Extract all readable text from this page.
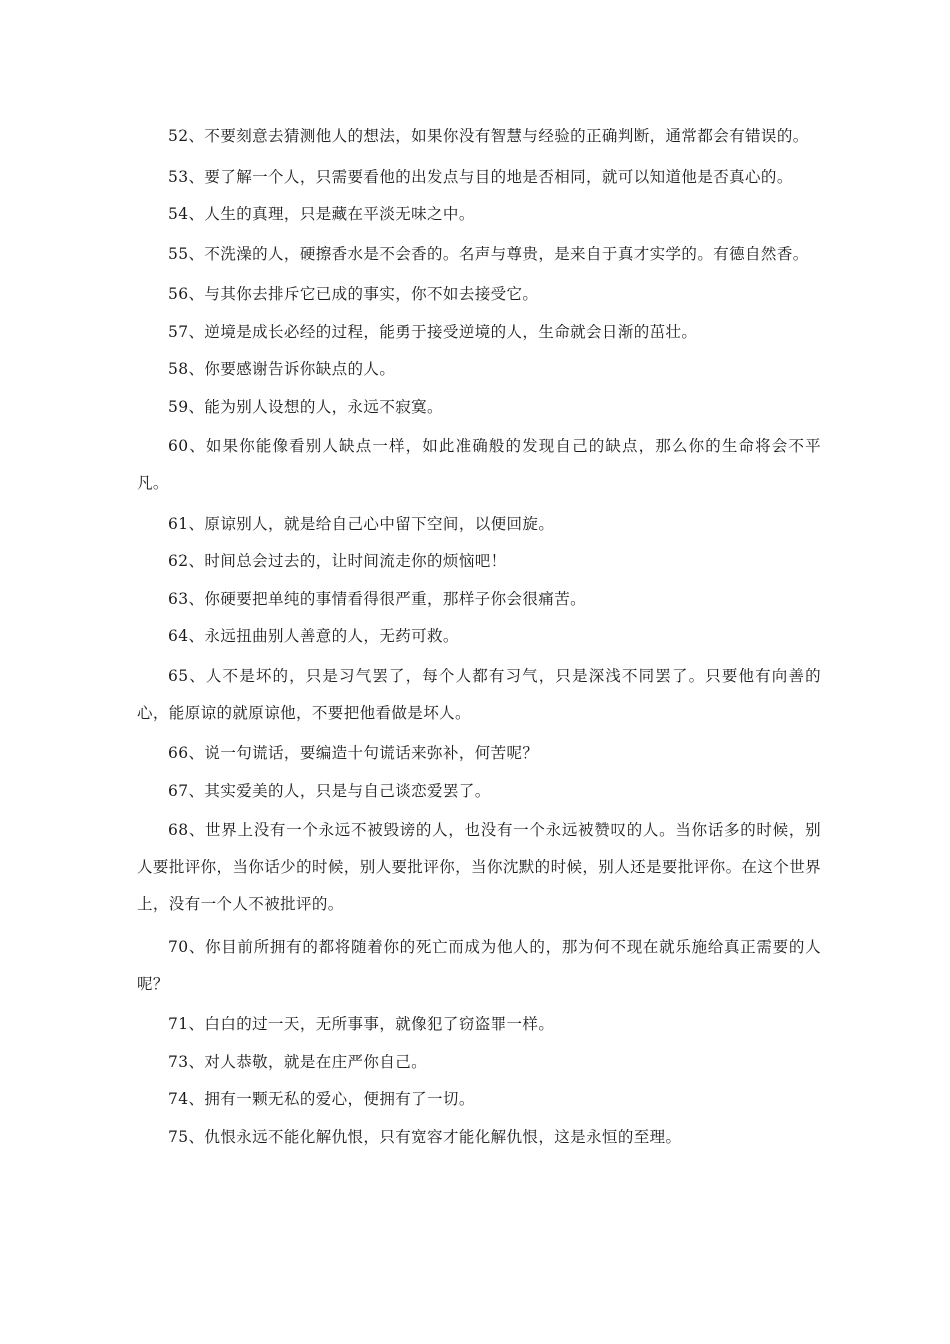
52、不要刻意去猜测他人的想法，如果你没有智慧与经验的正确判断，通常都会有错误的。

53、要了解一个人，只需要看他的出发点与目的地是否相同，就可以知道他是否真心的。

54、人生的真理，只是藏在平淡无味之中。

55、不洗澡的人，硬擦香水是不会香的。名声与尊贵，是来自于真才实学的。有德自然香。

56、与其你去排斥它已成的事实，你不如去接受它。

57、逆境是成长必经的过程，能勇于接受逆境的人，生命就会日渐的茁壮。

58、你要感谢告诉你缺点的人。

59、能为别人设想的人，永远不寂寞。

60、如果你能像看别人缺点一样，如此准确般的发现自己的缺点，那么你的生命将会不平凡。

61、原谅别人，就是给自己心中留下空间，以便回旋。

62、时间总会过去的，让时间流走你的烦恼吧！

63、你硬要把单纯的事情看得很严重，那样子你会很痛苦。

64、永远扭曲别人善意的人，无药可救。

65、人不是坏的，只是习气罢了，每个人都有习气，只是深浅不同罢了。只要他有向善的心，能原谅的就原谅他，不要把他看做是坏人。

66、说一句谎话，要编造十句谎话来弥补，何苦呢？

67、其实爱美的人，只是与自己谈恋爱罢了。

68、世界上没有一个永远不被毁谤的人，也没有一个永远被赞叹的人。当你话多的时候，别人要批评你，当你话少的时候，别人要批评你，当你沈默的时候，别人还是要批评你。在这个世界上，没有一个人不被批评的。

70、你目前所拥有的都将随着你的死亡而成为他人的，那为何不现在就乐施给真正需要的人呢？

71、白白的过一天，无所事事，就像犯了窃盗罪一样。

73、对人恭敬，就是在庄严你自己。

74、拥有一颗无私的爱心，便拥有了一切。

75、仇恨永远不能化解仇恨，只有宽容才能化解仇恨，这是永恒的至理。
